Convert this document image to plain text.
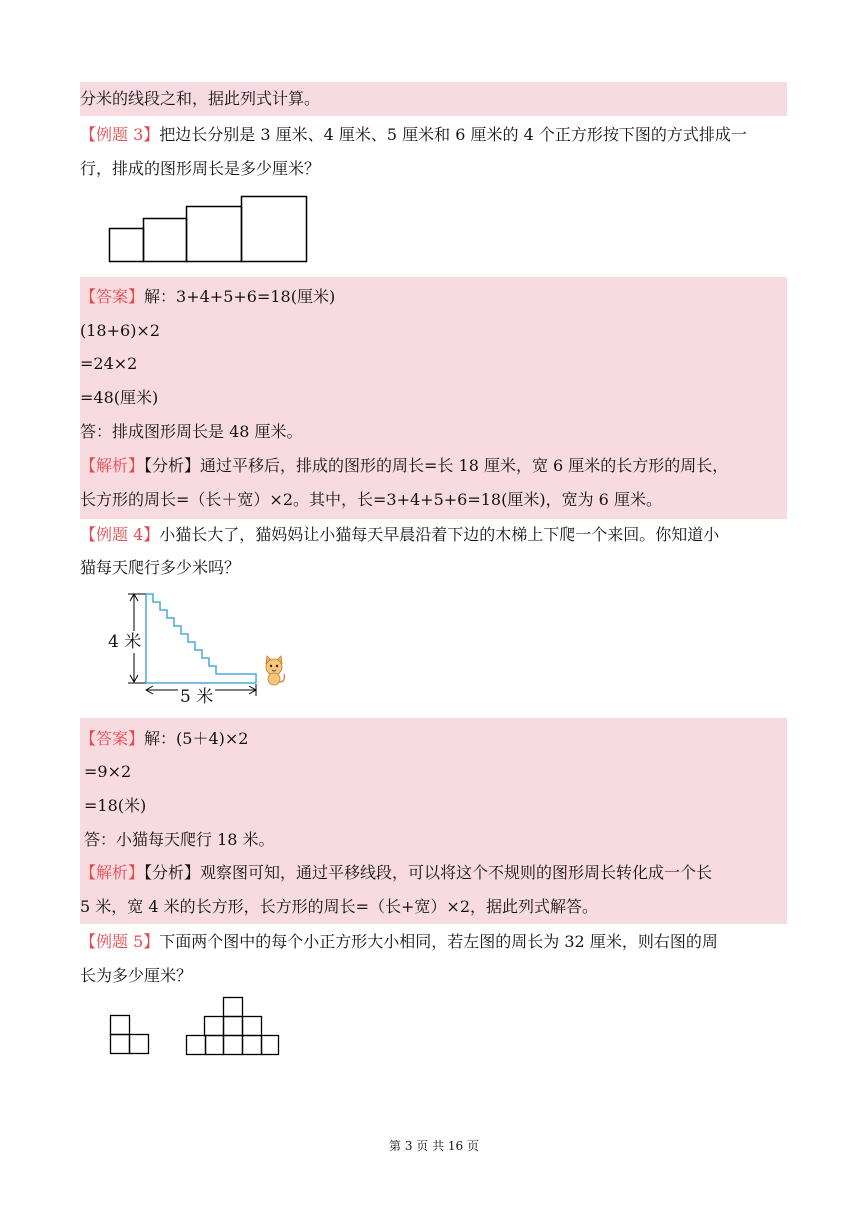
分米的线段之和，据此列式计算。
【例题 3】把边长分别是 3 厘米、4 厘米、5 厘米和 6 厘米的 4 个正方形按下图的方式排成一
行，排成的图形周长是多少厘米？
【答案】解：3+4+5+6=18(厘米)
(18+6)×2
=24×2
=48(厘米)
答：排成图形周长是 48 厘米。
【解析】【分析】通过平移后，排成的图形的周长=长 18 厘米，宽 6 厘米的长方形的周长，
长方形的周长=（长＋宽）×2。其中，长=3+4+5+6=18(厘米)，宽为 6 厘米。
【例题 4】小猫长大了，猫妈妈让小猫每天早晨沿着下边的木梯上下爬一个来回。你知道小
猫每天爬行多少米吗？
4 米
5 米
【答案】解：(5＋4)×2
=9×2
=18(米)
答：小猫每天爬行 18 米。
【解析】【分析】观察图可知，通过平移线段，可以将这个不规则的图形周长转化成一个长
5 米，宽 4 米的长方形，长方形的周长=（长+宽）×2，据此列式解答。
【例题 5】下面两个图中的每个小正方形大小相同，若左图的周长为 32 厘米，则右图的周
长为多少厘米？
第 3 页 共 16 页
